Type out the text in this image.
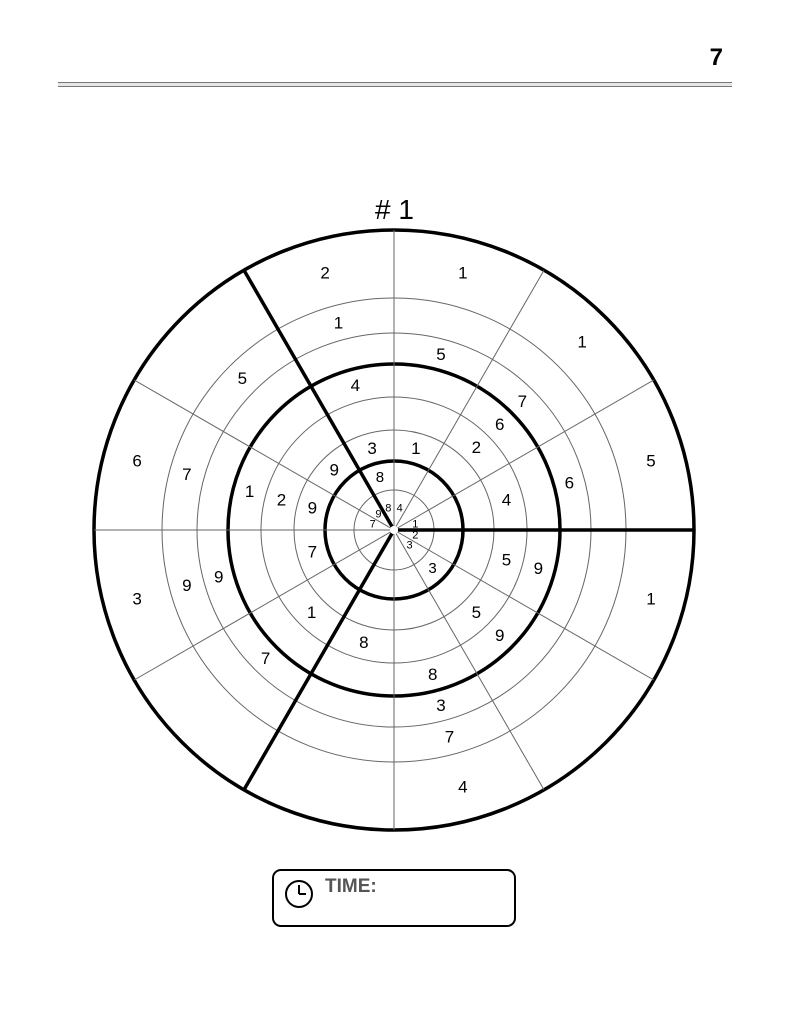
7
# 1
2
3
7
9 8 4
1
3
8
7
9
9
3 1
5
5
8
1
2
2
4
9
9
8
1
4
6
3
7
9
5
7
6
7
9
7
5
1
1
4
3
6
2
1
5
1
TIME:
